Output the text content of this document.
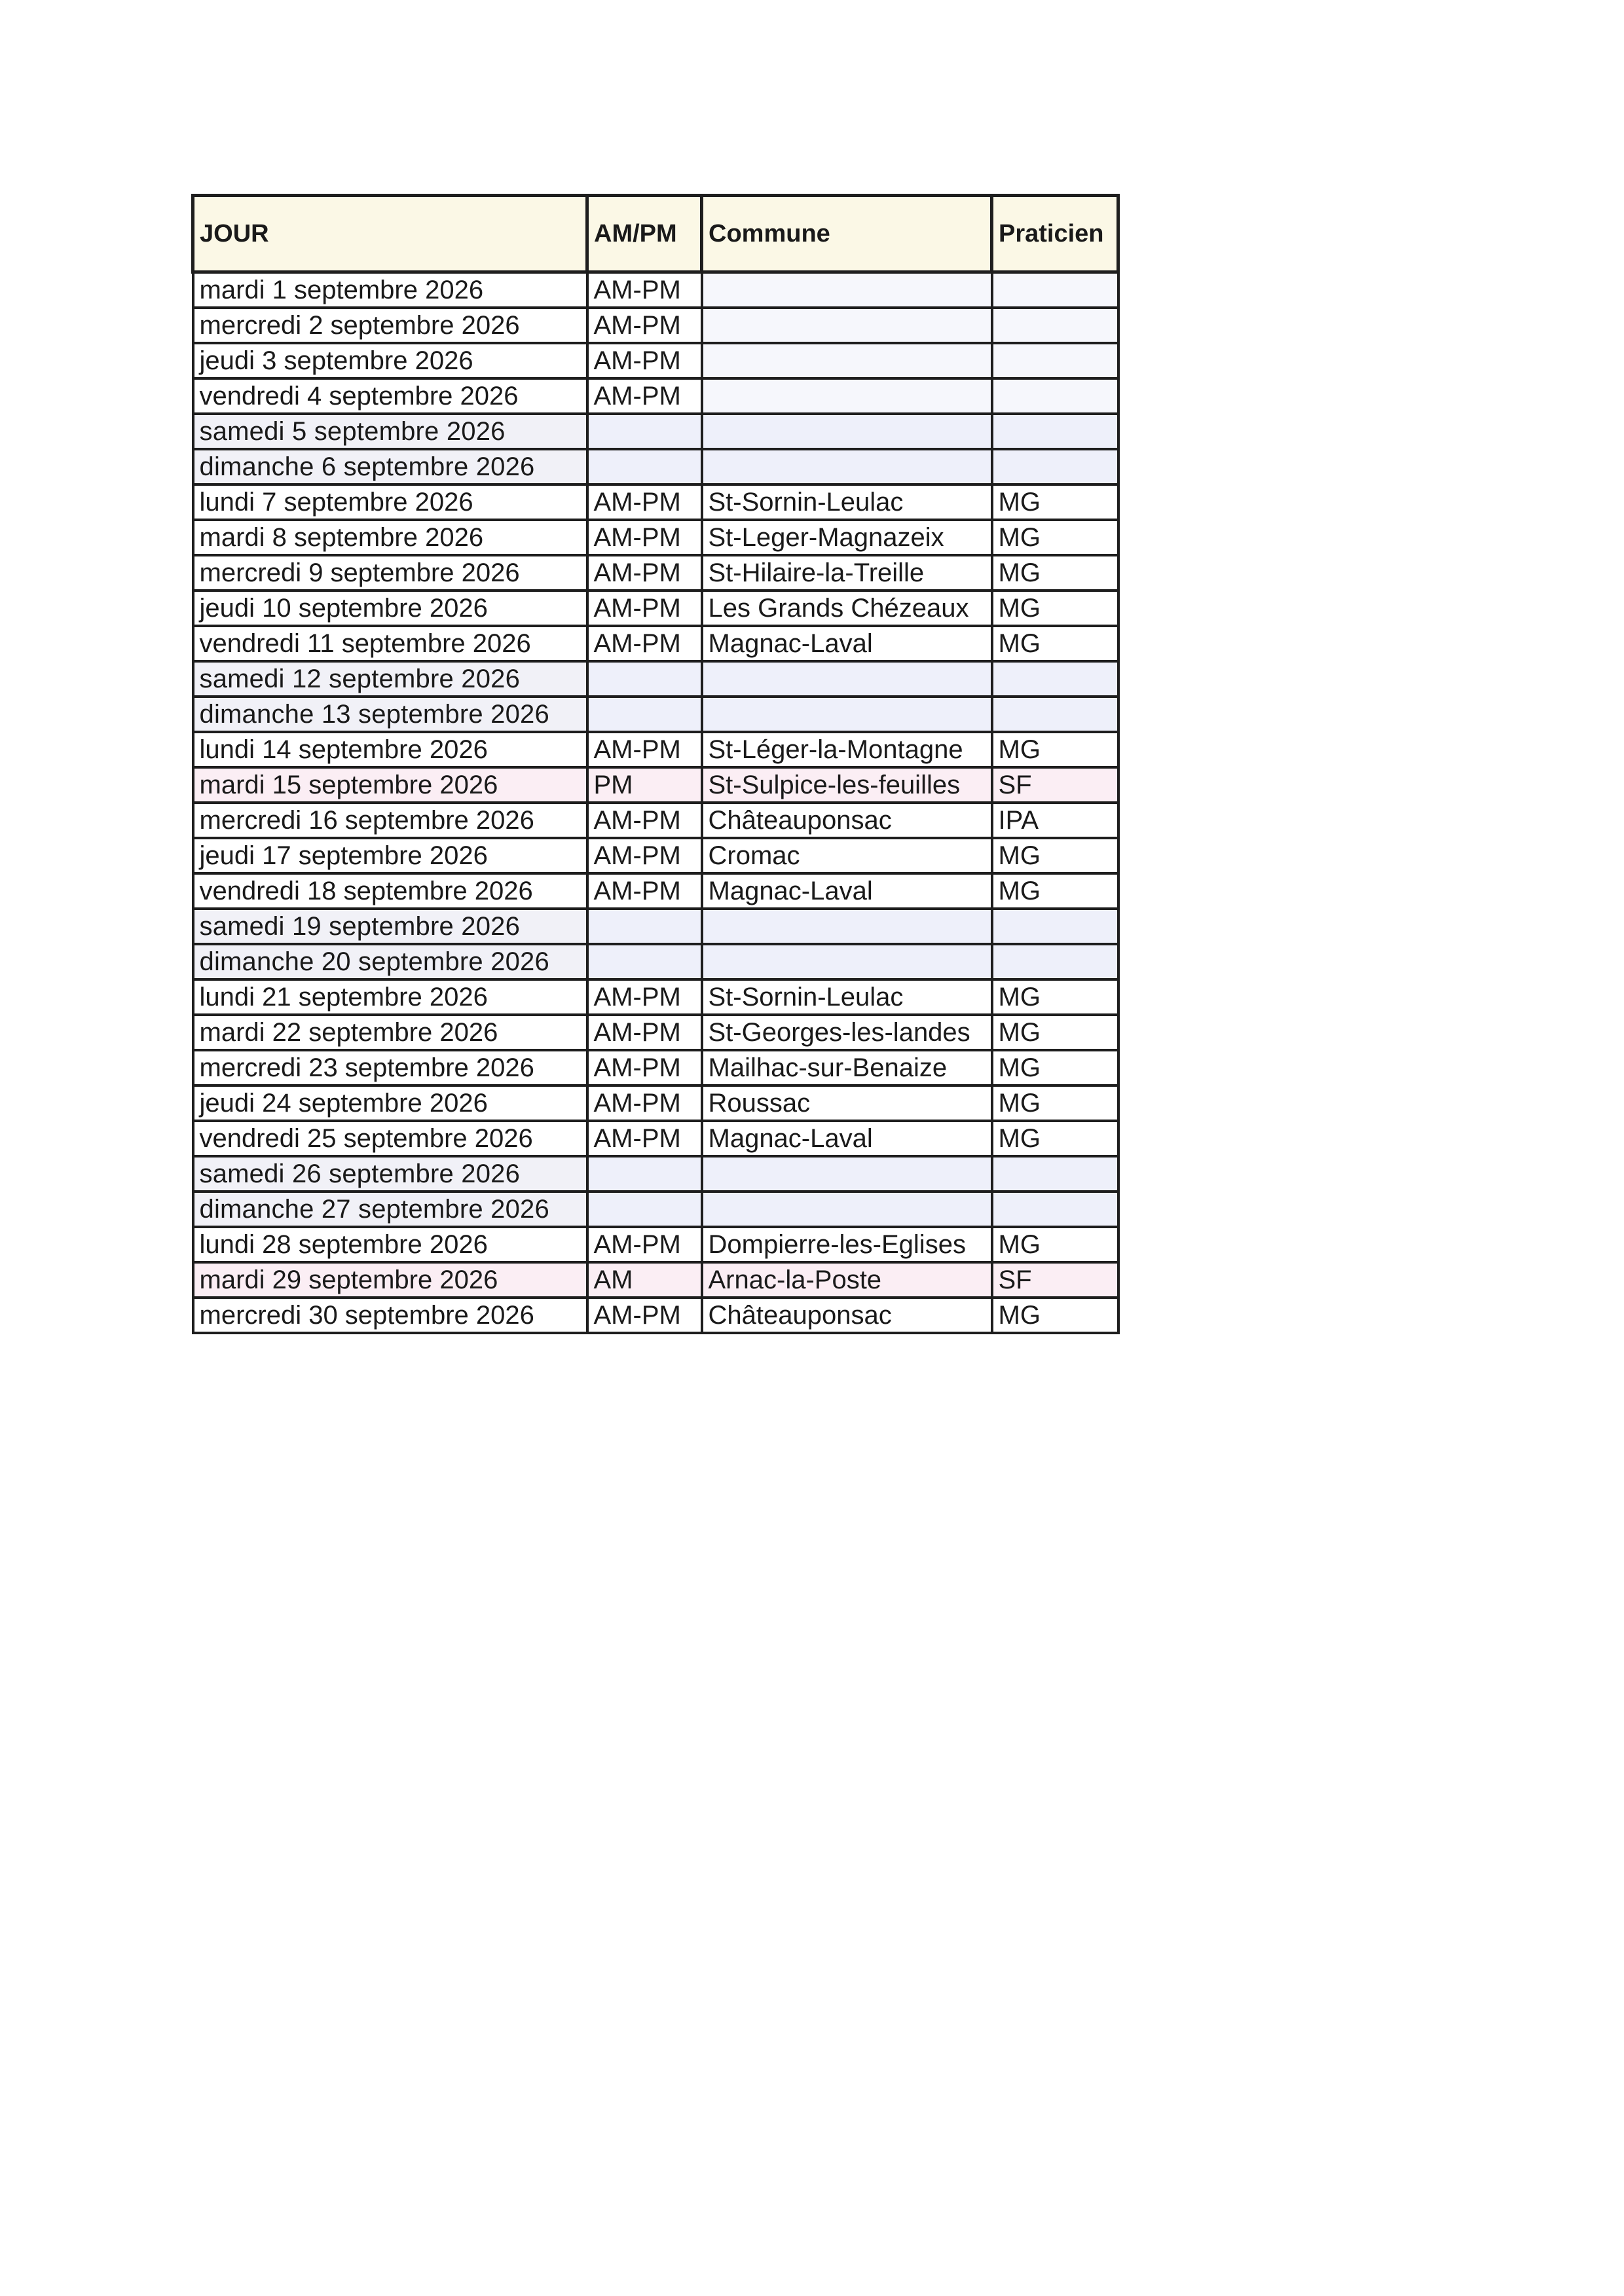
JOUR	AM/PM	Commune	Praticien
mardi 1 septembre 2026	AM-PM		
mercredi 2 septembre 2026	AM-PM		
jeudi 3 septembre 2026	AM-PM		
vendredi 4 septembre 2026	AM-PM		
samedi 5 septembre 2026			
dimanche 6 septembre 2026			
lundi 7 septembre 2026	AM-PM	St-Sornin-Leulac	MG
mardi 8 septembre 2026	AM-PM	St-Leger-Magnazeix	MG
mercredi 9 septembre 2026	AM-PM	St-Hilaire-la-Treille	MG
jeudi 10 septembre 2026	AM-PM	Les Grands Chézeaux	MG
vendredi 11 septembre 2026	AM-PM	Magnac-Laval	MG
samedi 12 septembre 2026			
dimanche 13 septembre 2026			
lundi 14 septembre 2026	AM-PM	St-Léger-la-Montagne	MG
mardi 15 septembre 2026	PM	St-Sulpice-les-feuilles	SF
mercredi 16 septembre 2026	AM-PM	Châteauponsac	IPA
jeudi 17 septembre 2026	AM-PM	Cromac	MG
vendredi 18 septembre 2026	AM-PM	Magnac-Laval	MG
samedi 19 septembre 2026			
dimanche 20 septembre 2026			
lundi 21 septembre 2026	AM-PM	St-Sornin-Leulac	MG
mardi 22 septembre 2026	AM-PM	St-Georges-les-landes	MG
mercredi 23 septembre 2026	AM-PM	Mailhac-sur-Benaize	MG
jeudi 24 septembre 2026	AM-PM	Roussac	MG
vendredi 25 septembre 2026	AM-PM	Magnac-Laval	MG
samedi 26 septembre 2026			
dimanche 27 septembre 2026			
lundi 28 septembre 2026	AM-PM	Dompierre-les-Eglises	MG
mardi 29 septembre 2026	AM	Arnac-la-Poste	SF
mercredi 30 septembre 2026	AM-PM	Châteauponsac	MG
